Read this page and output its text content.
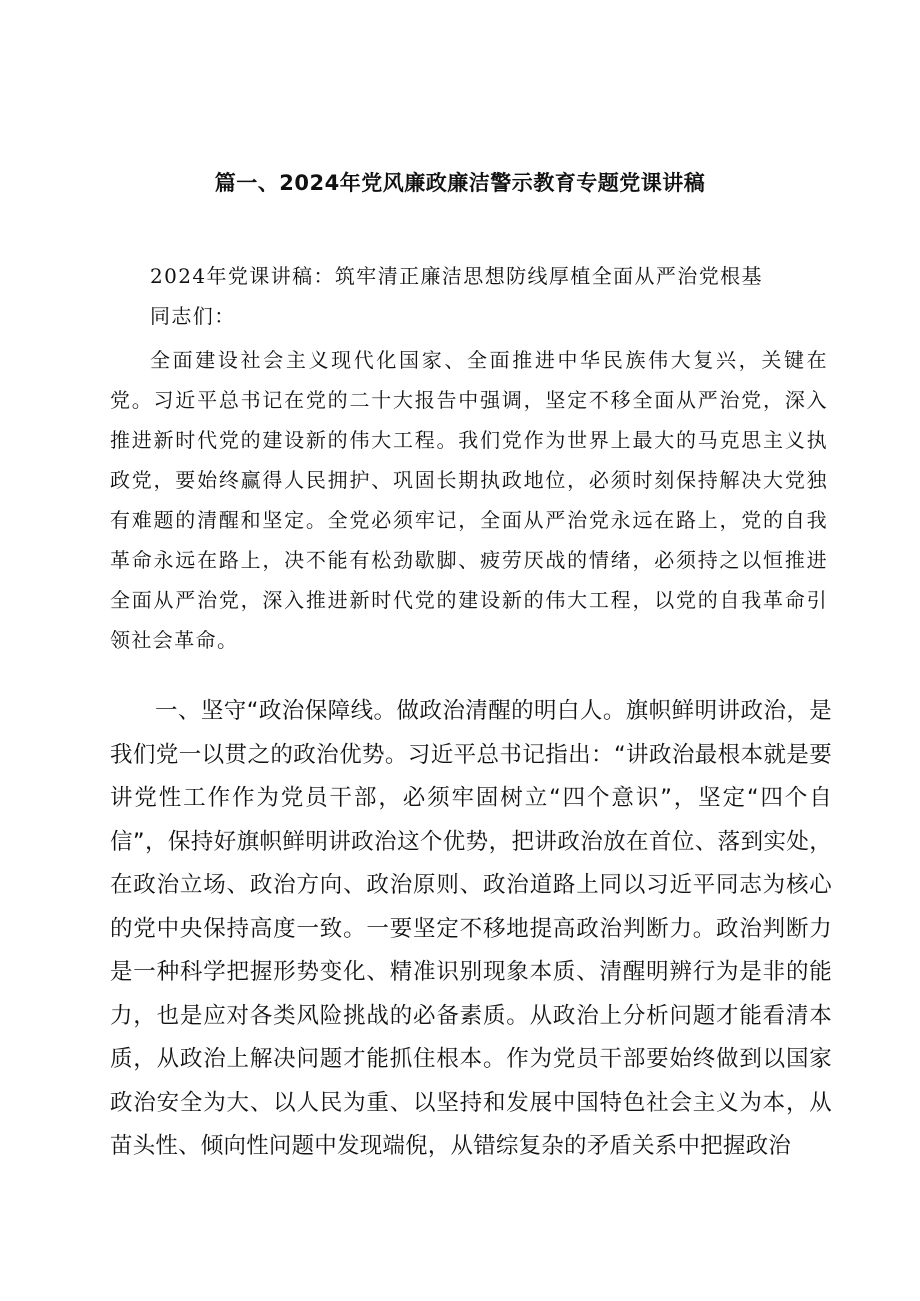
篇一、2024年党风廉政廉洁警示教育专题党课讲稿

2024年党课讲稿：筑牢清正廉洁思想防线厚植全面从严治党根基

同志们：

全面建设社会主义现代化国家、全面推进中华民族伟大复兴，关键在党。习近平总书记在党的二十大报告中强调，坚定不移全面从严治党，深入推进新时代党的建设新的伟大工程。我们党作为世界上最大的马克思主义执政党，要始终赢得人民拥护、巩固长期执政地位，必须时刻保持解决大党独有难题的清醒和坚定。全党必须牢记，全面从严治党永远在路上，党的自我革命永远在路上，决不能有松劲歇脚、疲劳厌战的情绪，必须持之以恒推进全面从严治党，深入推进新时代党的建设新的伟大工程，以党的自我革命引领社会革命。

一、坚守“政治保障线。做政治清醒的明白人。旗帜鲜明讲政治，是我们党一以贯之的政治优势。习近平总书记指出：“讲政治最根本就是要讲党性工作作为党员干部，必须牢固树立“四个意识”，坚定“四个自信”，保持好旗帜鲜明讲政治这个优势，把讲政治放在首位、落到实处，在政治立场、政治方向、政治原则、政治道路上同以习近平同志为核心的党中央保持高度一致。一要坚定不移地提高政治判断力。政治判断力是一种科学把握形势变化、精准识别现象本质、清醒明辨行为是非的能力，也是应对各类风险挑战的必备素质。从政治上分析问题才能看清本质，从政治上解决问题才能抓住根本。作为党员干部要始终做到以国家政治安全为大、以人民为重、以坚持和发展中国特色社会主义为本，从苗头性、倾向性问题中发现端倪，从错综复杂的矛盾关系中把握政治
